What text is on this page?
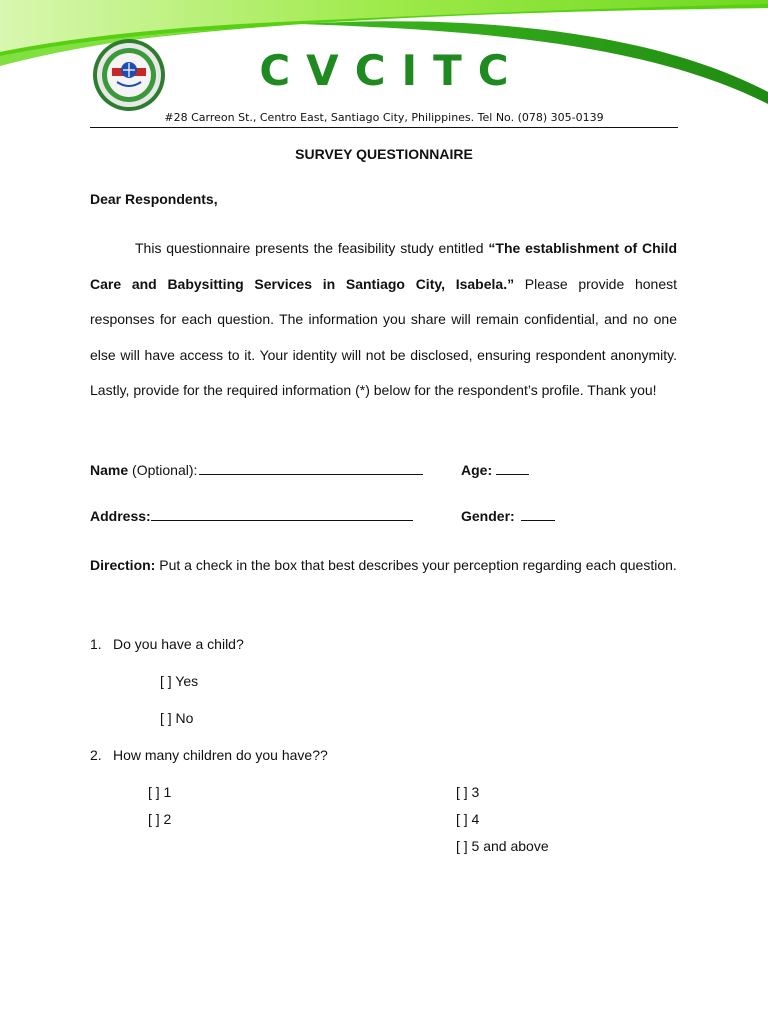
CVCITC
#28 Carreon St., Centro East, Santiago City, Philippines. Tel No. (078) 305-0139
SURVEY QUESTIONNAIRE
Dear Respondents,

This questionnaire presents the feasibility study entitled “The establishment of Child Care and Babysitting Services in Santiago City, Isabela.” Please provide honest responses for each question. The information you share will remain confidential, and no one else will have access to it. Your identity will not be disclosed, ensuring respondent anonymity. Lastly, provide for the required information (*) below for the respondent’s profile. Thank you!

Name (Optional):	Age:
Address:	Gender:

Direction: Put a check in the box that best describes your perception regarding each question.

1. Do you have a child?
[ ] Yes
[ ] No
2. How many children do you have??
[ ] 1
[ ] 2
[ ] 3
[ ] 4
[ ] 5 and above
